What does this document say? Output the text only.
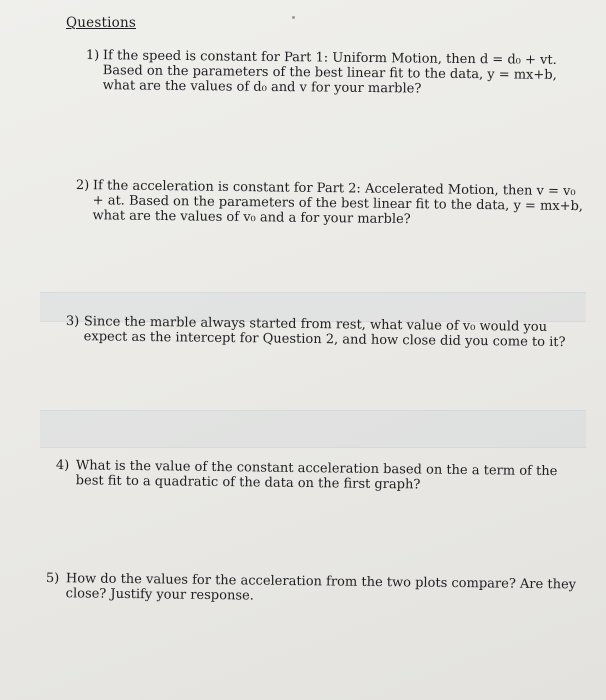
Questions
1) If the speed is constant for Part 1: Uniform Motion, then d = d₀ + vt. Based on the parameters of the best linear fit to the data, y = mx+b, what are the values of d₀ and v for your marble?
2) If the acceleration is constant for Part 2: Accelerated Motion, then v = v₀ + at. Based on the parameters of the best linear fit to the data, y = mx+b, what are the values of v₀ and a for your marble?
3) Since the marble always started from rest, what value of v₀ would you expect as the intercept for Question 2, and how close did you come to it?
4) What is the value of the constant acceleration based on the a term of the best fit to a quadratic of the data on the first graph?
5) How do the values for the acceleration from the two plots compare? Are they close? Justify your response.
